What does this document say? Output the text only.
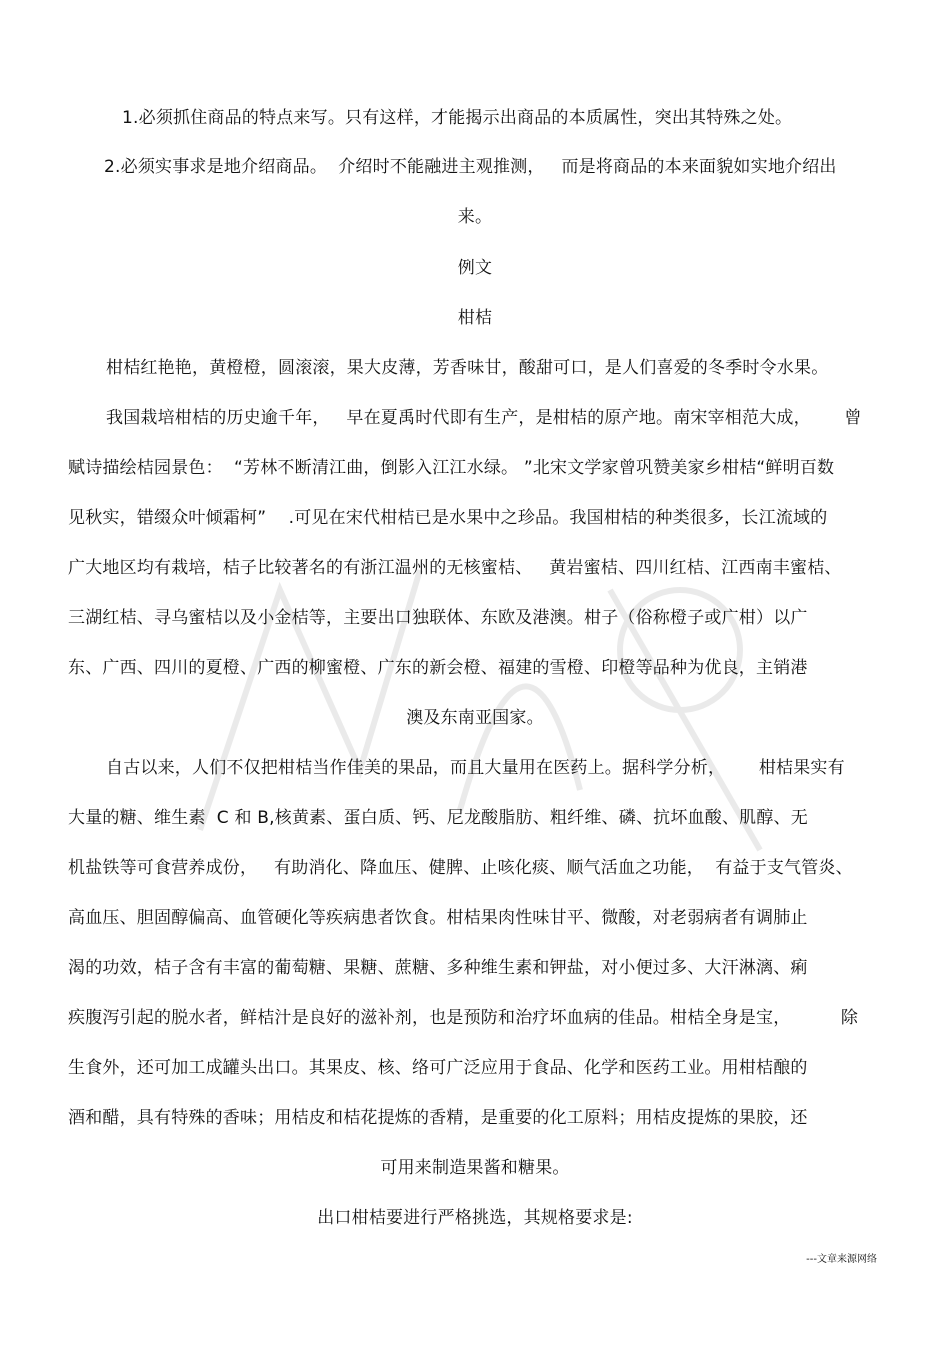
1.必须抓住商品的特点来写。只有这样，才能揭示出商品的本质属性，突出其特殊之处。
2.必须实事求是地介绍商品。  介绍时不能融进主观推测，   而是将商品的本来面貌如实地介绍出
来。
例文
柑桔
柑桔红艳艳，黄橙橙，圆滚滚，果大皮薄，芳香味甘，酸甜可口，是人们喜爱的冬季时令水果。
我国栽培柑桔的历史逾千年，   早在夏禹时代即有生产，是柑桔的原产地。南宋宰相范大成，      曾
赋诗描绘桔园景色：  “芳林不断清江曲，倒影入江江水绿。 ”北宋文学家曾巩赞美家乡柑桔“鲜明百数
见秋实，错缀众叶倾霜柯”    .可见在宋代柑桔已是水果中之珍品。我国柑桔的种类很多，长江流域的
广大地区均有栽培，桔子比较著名的有浙江温州的无核蜜桔、   黄岩蜜桔、四川红桔、江西南丰蜜桔、
三湖红桔、寻乌蜜桔以及小金桔等，主要出口独联体、东欧及港澳。柑子（俗称橙子或广柑）以广
东、广西、四川的夏橙、广西的柳蜜橙、广东的新会橙、福建的雪橙、印橙等品种为优良，主销港
澳及东南亚国家。
自古以来，人们不仅把柑桔当作佳美的果品，而且大量用在医药上。据科学分析，      柑桔果实有
大量的糖、维生素  C 和 B,核黄素、蛋白质、钙、尼龙酸脂肪、粗纤维、磷、抗坏血酸、肌醇、无
机盐铁等可食营养成份，   有助消化、降血压、健脾、止咳化痰、顺气活血之功能，  有益于支气管炎、
高血压、胆固醇偏高、血管硬化等疾病患者饮食。柑桔果肉性味甘平、微酸，对老弱病者有调肺止
渴的功效，桔子含有丰富的葡萄糖、果糖、蔗糖、多种维生素和钾盐，对小便过多、大汗淋漓、痢
疾腹泻引起的脱水者，鲜桔汁是良好的滋补剂，也是预防和治疗坏血病的佳品。柑桔全身是宝，         除
生食外，还可加工成罐头出口。其果皮、核、络可广泛应用于食品、化学和医药工业。用柑桔酿的
酒和醋，具有特殊的香味；用桔皮和桔花提炼的香精，是重要的化工原料；用桔皮提炼的果胶，还
可用来制造果酱和糖果。
出口柑桔要进行严格挑选，其规格要求是:
---文章来源网络
